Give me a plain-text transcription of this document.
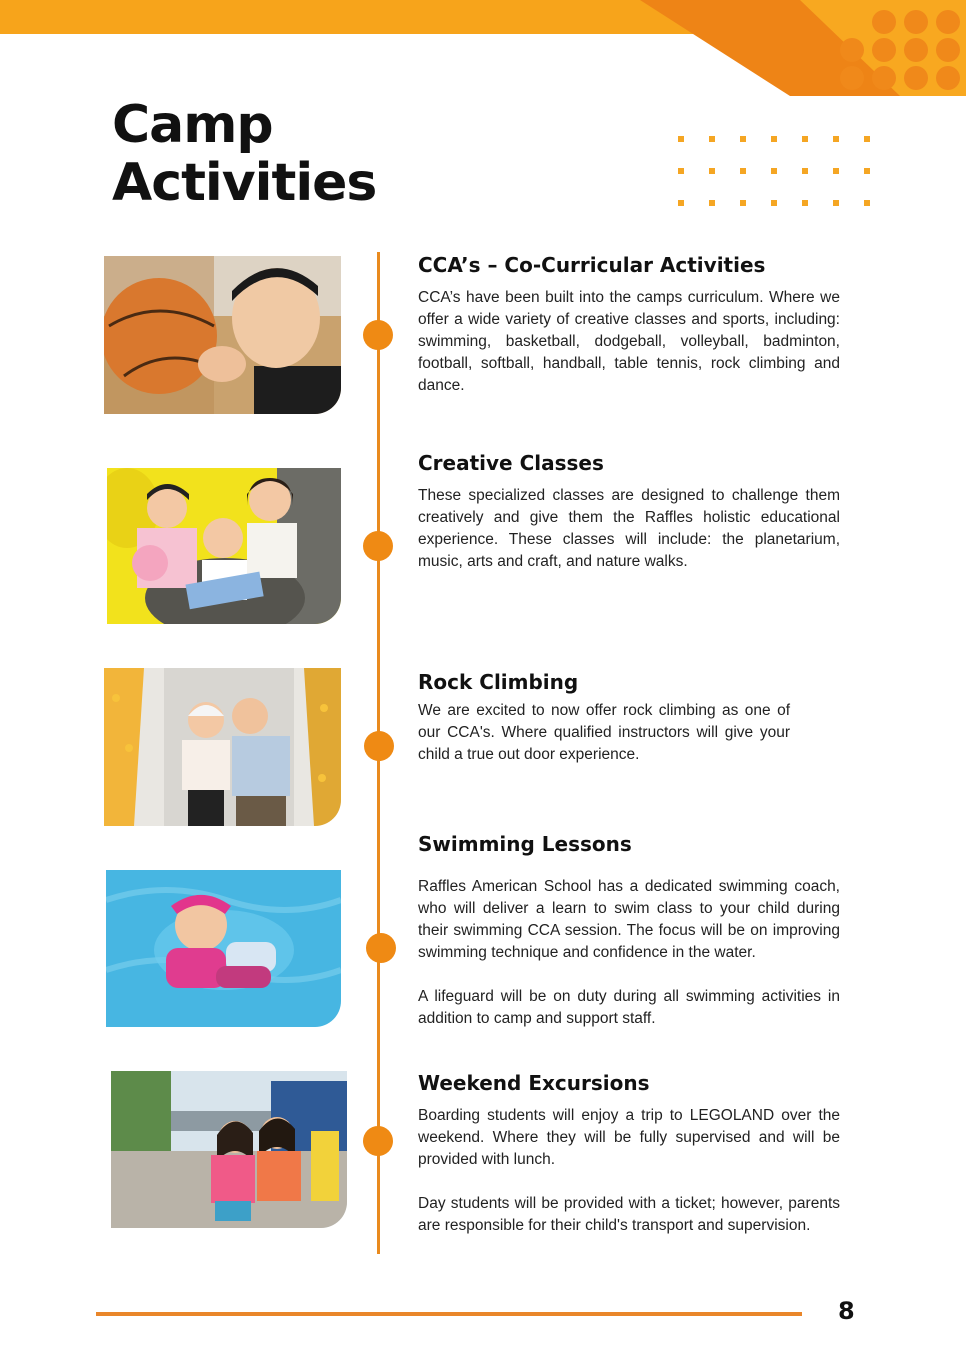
Camp
Activities
CCA’s – Co-Curricular Activities

CCA’s have been built into the camps curriculum. Where we offer a wide variety of creative classes and sports, including: swimming, basketball, dodgeball, volleyball, badminton, football, softball, handball, table tennis, rock climbing and dance.

Creative Classes

These specialized classes are designed to challenge them creatively and give them the Raffles holistic educational experience. These classes will include: the planetarium, music, arts and craft, and nature walks.

Rock Climbing

We are excited to now offer rock climbing as one of our CCA's. Where qualified instructors will give your child a true out door experience.

Swimming Lessons

Raffles American School has a dedicated swimming coach, who will deliver a learn to swim class to your child during their swimming CCA session. The focus will be on improving swimming technique and confidence in the water.

A lifeguard will be on duty during all swimming activities in addition to camp and support staff.

Weekend Excursions

Boarding students will enjoy a trip to LEGOLAND over the weekend. Where they will be fully supervised and will be provided with lunch.

Day students will be provided with a ticket; however, parents are responsible for their child's transport and supervision.

8
